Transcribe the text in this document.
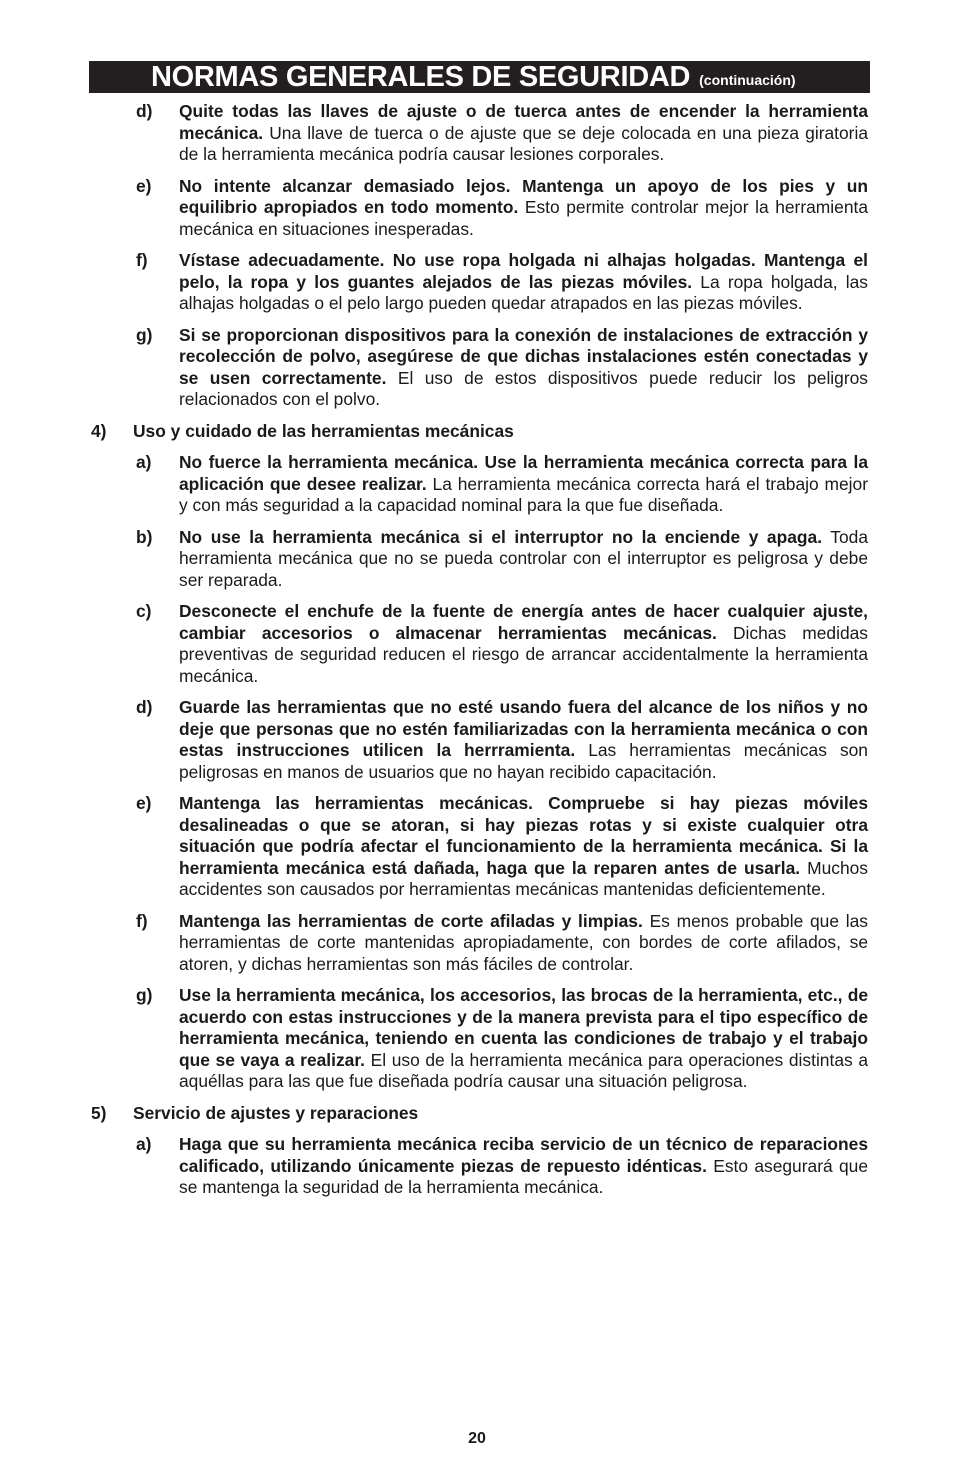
NORMAS GENERALES DE SEGURIDAD (continuación)
d) Quite todas las llaves de ajuste o de tuerca antes de encender la herramienta mecánica. Una llave de tuerca o de ajuste que se deje colocada en una pieza giratoria de la herramienta mecánica podría causar lesiones corporales.
e) No intente alcanzar demasiado lejos. Mantenga un apoyo de los pies y un equilibrio apropiados en todo momento. Esto permite controlar mejor la herramienta mecánica en situaciones inesperadas.
f) Vístase adecuadamente. No use ropa holgada ni alhajas holgadas. Mantenga el pelo, la ropa y los guantes alejados de las piezas móviles. La ropa holgada, las alhajas holgadas o el pelo largo pueden quedar atrapados en las piezas móviles.
g) Si se proporcionan dispositivos para la conexión de instalaciones de extracción y recolección de polvo, asegúrese de que dichas instalaciones estén conectadas y se usen correctamente. El uso de estos dispositivos puede reducir los peligros relacionados con el polvo.
4) Uso y cuidado de las herramientas mecánicas
a) No fuerce la herramienta mecánica. Use la herramienta mecánica correcta para la aplicación que desee realizar. La herramienta mecánica correcta hará el trabajo mejor y con más seguridad a la capacidad nominal para la que fue diseñada.
b) No use la herramienta mecánica si el interruptor no la enciende y apaga. Toda herramienta mecánica que no se pueda controlar con el interruptor es peligrosa y debe ser reparada.
c) Desconecte el enchufe de la fuente de energía antes de hacer cualquier ajuste, cambiar accesorios o almacenar herramientas mecánicas. Dichas medidas preventivas de seguridad reducen el riesgo de arrancar accidentalmente la herramienta mecánica.
d) Guarde las herramientas que no esté usando fuera del alcance de los niños y no deje que personas que no estén familiarizadas con la herramienta mecánica o con estas instrucciones utilicen la herrramienta. Las herramientas mecánicas son peligrosas en manos de usuarios que no hayan recibido capacitación.
e) Mantenga las herramientas mecánicas. Compruebe si hay piezas móviles desalineadas o que se atoran, si hay piezas rotas y si existe cualquier otra situación que podría afectar el funcionamiento de la herramienta mecánica. Si la herramienta mecánica está dañada, haga que la reparen antes de usarla. Muchos accidentes son causados por herramientas mecánicas mantenidas deficientemente.
f) Mantenga las herramientas de corte afiladas y limpias. Es menos probable que las herramientas de corte mantenidas apropiadamente, con bordes de corte afilados, se atoren, y dichas herramientas son más fáciles de controlar.
g) Use la herramienta mecánica, los accesorios, las brocas de la herramienta, etc., de acuerdo con estas instrucciones y de la manera prevista para el tipo específico de herramienta mecánica, teniendo en cuenta las condiciones de trabajo y el trabajo que se vaya a realizar. El uso de la herramienta mecánica para operaciones distintas a aquéllas para las que fue diseñada podría causar una situación peligrosa.
5) Servicio de ajustes y reparaciones
a) Haga que su herramienta mecánica reciba servicio de un técnico de reparaciones calificado, utilizando únicamente piezas de repuesto idénticas. Esto asegurará que se mantenga la seguridad de la herramienta mecánica.
20
